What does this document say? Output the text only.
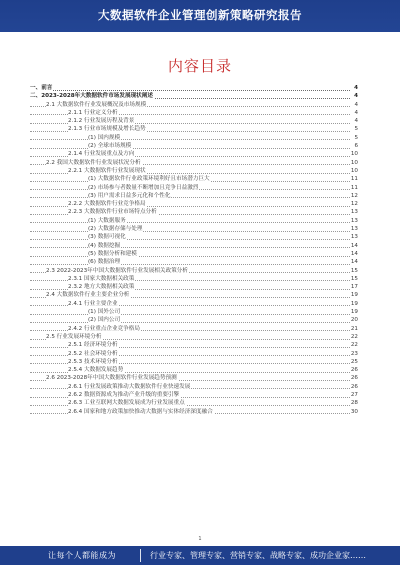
大数据软件企业管理创新策略研究报告
内容目录
一、前言	4
二、2023-2028年大数据软件市场发展现状阐述	4
2.1 大数据软件行业发展概况及市场规模	4
2.1.1 行业定义分析	4
2.1.2 行业发展历程及背景	4
2.1.3 行业市场规模及增长趋势	5
(1) 国内规模	5
(2) 全球市场规模	6
2.1.4 行业发展重点及方向	10
2.2 我国大数据软件行业发展状况分析	10
2.2.1 大数据软件行业发展现状	10
(1) 大数据软件行业政策环境利好且市场潜力巨大	11
(2) 市场参与者数量不断增加且竞争日益激烈	11
(3) 用户需求日益多元化和个性化	12
2.2.2 大数据软件行业竞争格局	12
2.2.3 大数据软件行业市场特点分析	13
(1) 大数据服务	13
(2) 大数据存储与处理	13
(3) 数据可视化	13
(4) 数据挖掘	14
(5) 数据分析和建模	14
(6) 数据治理	14
2.3 2022-2023年中国大数据软件行业发展相关政策分析	15
2.3.1 国家大数据相关政策	15
2.3.2 地方大数据相关政策	17
2.4 大数据软件行业主要企业分析	19
2.4.1 行业主要企业	19
(1) 国外公司	19
(2) 国内公司	20
2.4.2 行业重点企业竞争格局	21
2.5 行业发展环境分析	22
2.5.1 经济环境分析	22
2.5.2 社会环境分析	23
2.5.3 技术环境分析	25
2.5.4 大数据发展趋势	26
2.6 2023-2028年中国大数据软件行业发展趋势预测	26
2.6.1 行业发展政策推动大数据软件行业快速发展	26
2.6.2 数据资源成为推动产业升级的重要引擎	27
2.6.3 工业互联网大数据发展成为行业发展重点	28
2.6.4 国家和地方政策加快推动大数据与实体经济深度融合	30
1
让每个人都能成为	行业专家、管理专家、营销专家、战略专家、成功企业家……
